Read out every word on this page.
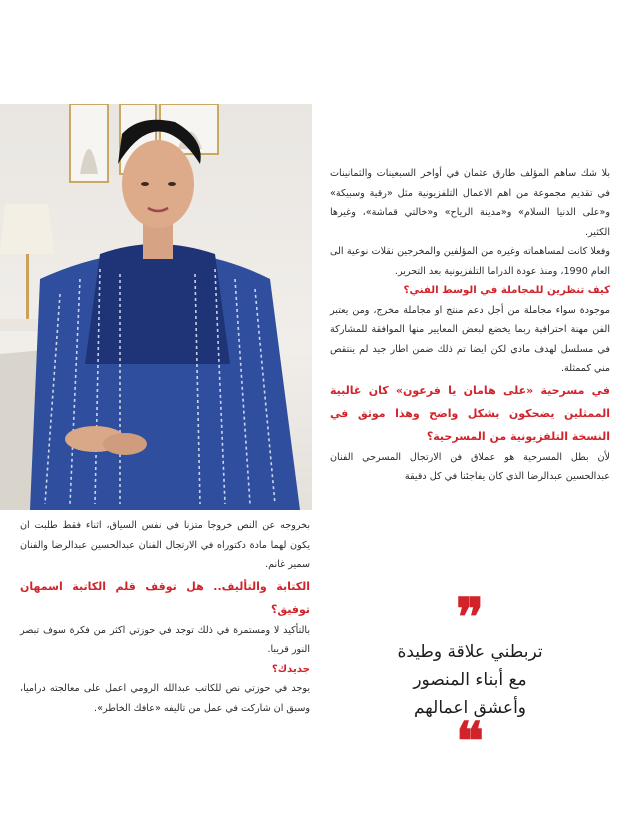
بلا شك ساهم المؤلف طارق عثمان في أواخر السبعينات والثمانينات في تقديم مجموعة من اهم الاعمال التلفزيونية مثل «رقية وسبيكة» و«على الدنيا السلام» و«مدينة الرياح» و«خالتي قماشة»، وغيرها الكثير.

وفعلا كانت لمساهماته وغيره من المؤلفين والمخرجين نقلات نوعية الى العام 1990، ومنذ عودة الدراما التلفزيونية بعد التحرير.

كيف تنظرين للمجاملة في الوسط الفني؟

موجودة سواء مجاملة من أجل دعم منتج او مجاملة مخرج، ومن يعتبر الفن مهنة احترافية ربما يخضع لبعض المعايير منها الموافقة للمشاركة في مسلسل لهدف مادي لكن ايضا تم ذلك ضمن اطار جيد لم ينتقص مني كممثلة.

في مسرحية «على هامان يا فرعون» كان غالبية الممثلين يضحكون بشكل واضح وهذا موثق في النسخة التلفزيونية من المسرحية؟

لأن بطل المسرحية هو عملاق فن الارتجال المسرحي الفنان عبدالحسين عبدالرضا الذي كان يفاجئنا في كل دقيقة

بخروجه عن النص خروجا متزنا في نفس السياق، اثناء فقط طلبت ان يكون لهما مادة دكتوراه في الارتجال الفنان عبدالحسين عبدالرضا والفنان سمير غانم.

الكتابة والتأليف.. هل توقف قلم الكاتبة اسمهان توفيق؟

بالتأكيد لا ومستمرة في ذلك توجد في حوزتي اكثر من فكرة سوف تبصر النور قريبا.

جديدك؟

يوجد في حوزتي نص للكاتب عبدالله الرومي اعمل على معالجته دراميا، وسبق ان شاركت في عمل من تاليفه «عافك الخاطر».

❞
تربطني علاقة وطيدة
مع أبناء المنصور
وأعشق اعمالهم
❝
